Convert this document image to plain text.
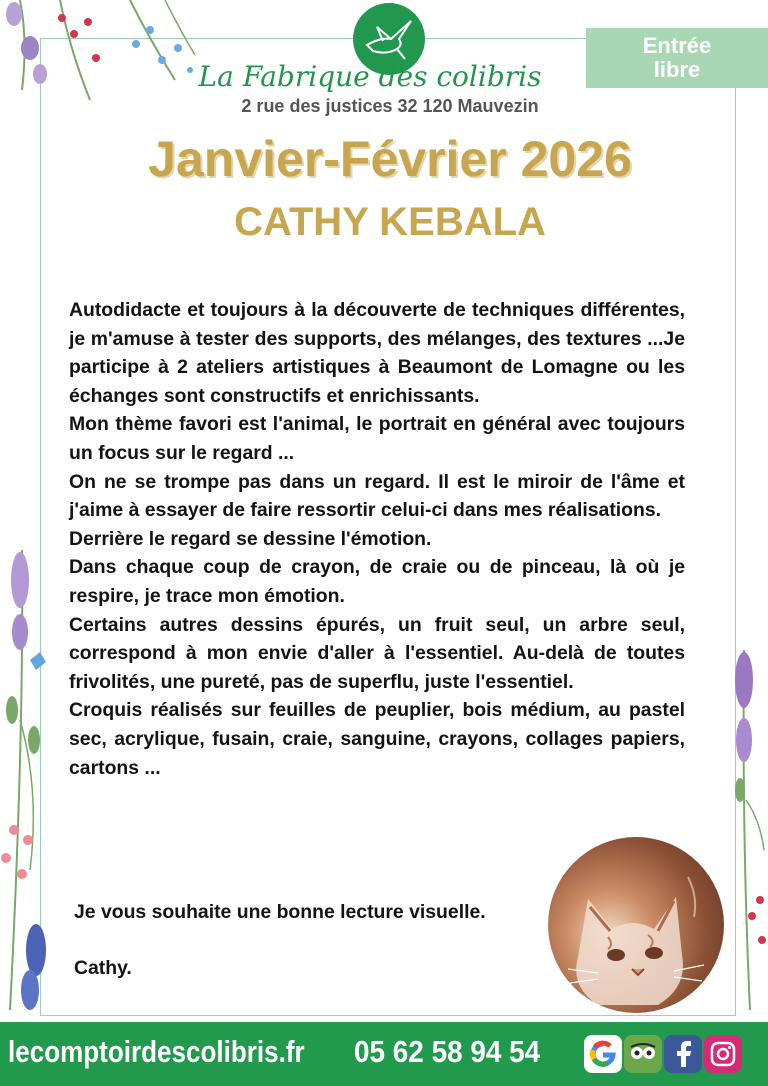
La Fabrique des colibris
2 rue des justices 32 120 Mauvezin
Entrée
libre
Janvier-Février 2026
CATHY KEBALA

Autodidacte et toujours à la découverte de techniques différentes, je m'amuse à tester des supports, des mélanges, des textures ...Je participe à 2 ateliers artistiques à Beaumont de Lomagne ou les échanges sont constructifs et enrichissants.

Mon thème favori est l'animal, le portrait en général avec toujours un focus sur le regard ...

On ne se trompe pas dans un regard. Il est le miroir de l'âme et j'aime à essayer de faire ressortir celui-ci dans mes réalisations.

Derrière le regard se dessine l'émotion.

Dans chaque coup de crayon, de craie ou de pinceau, là où je respire, je trace mon émotion.

Certains autres dessins épurés, un fruit seul, un arbre seul, correspond à mon envie d'aller à l'essentiel. Au-delà de toutes frivolités, une pureté, pas de superflu, juste l'essentiel.

Croquis réalisés sur feuilles de peuplier, bois médium, au pastel sec, acrylique, fusain, craie, sanguine, crayons, collages papiers, cartons ...

Je vous souhaite une bonne lecture visuelle.

Cathy.

lecomptoirdescolibris.fr 05 62 58 94 54
